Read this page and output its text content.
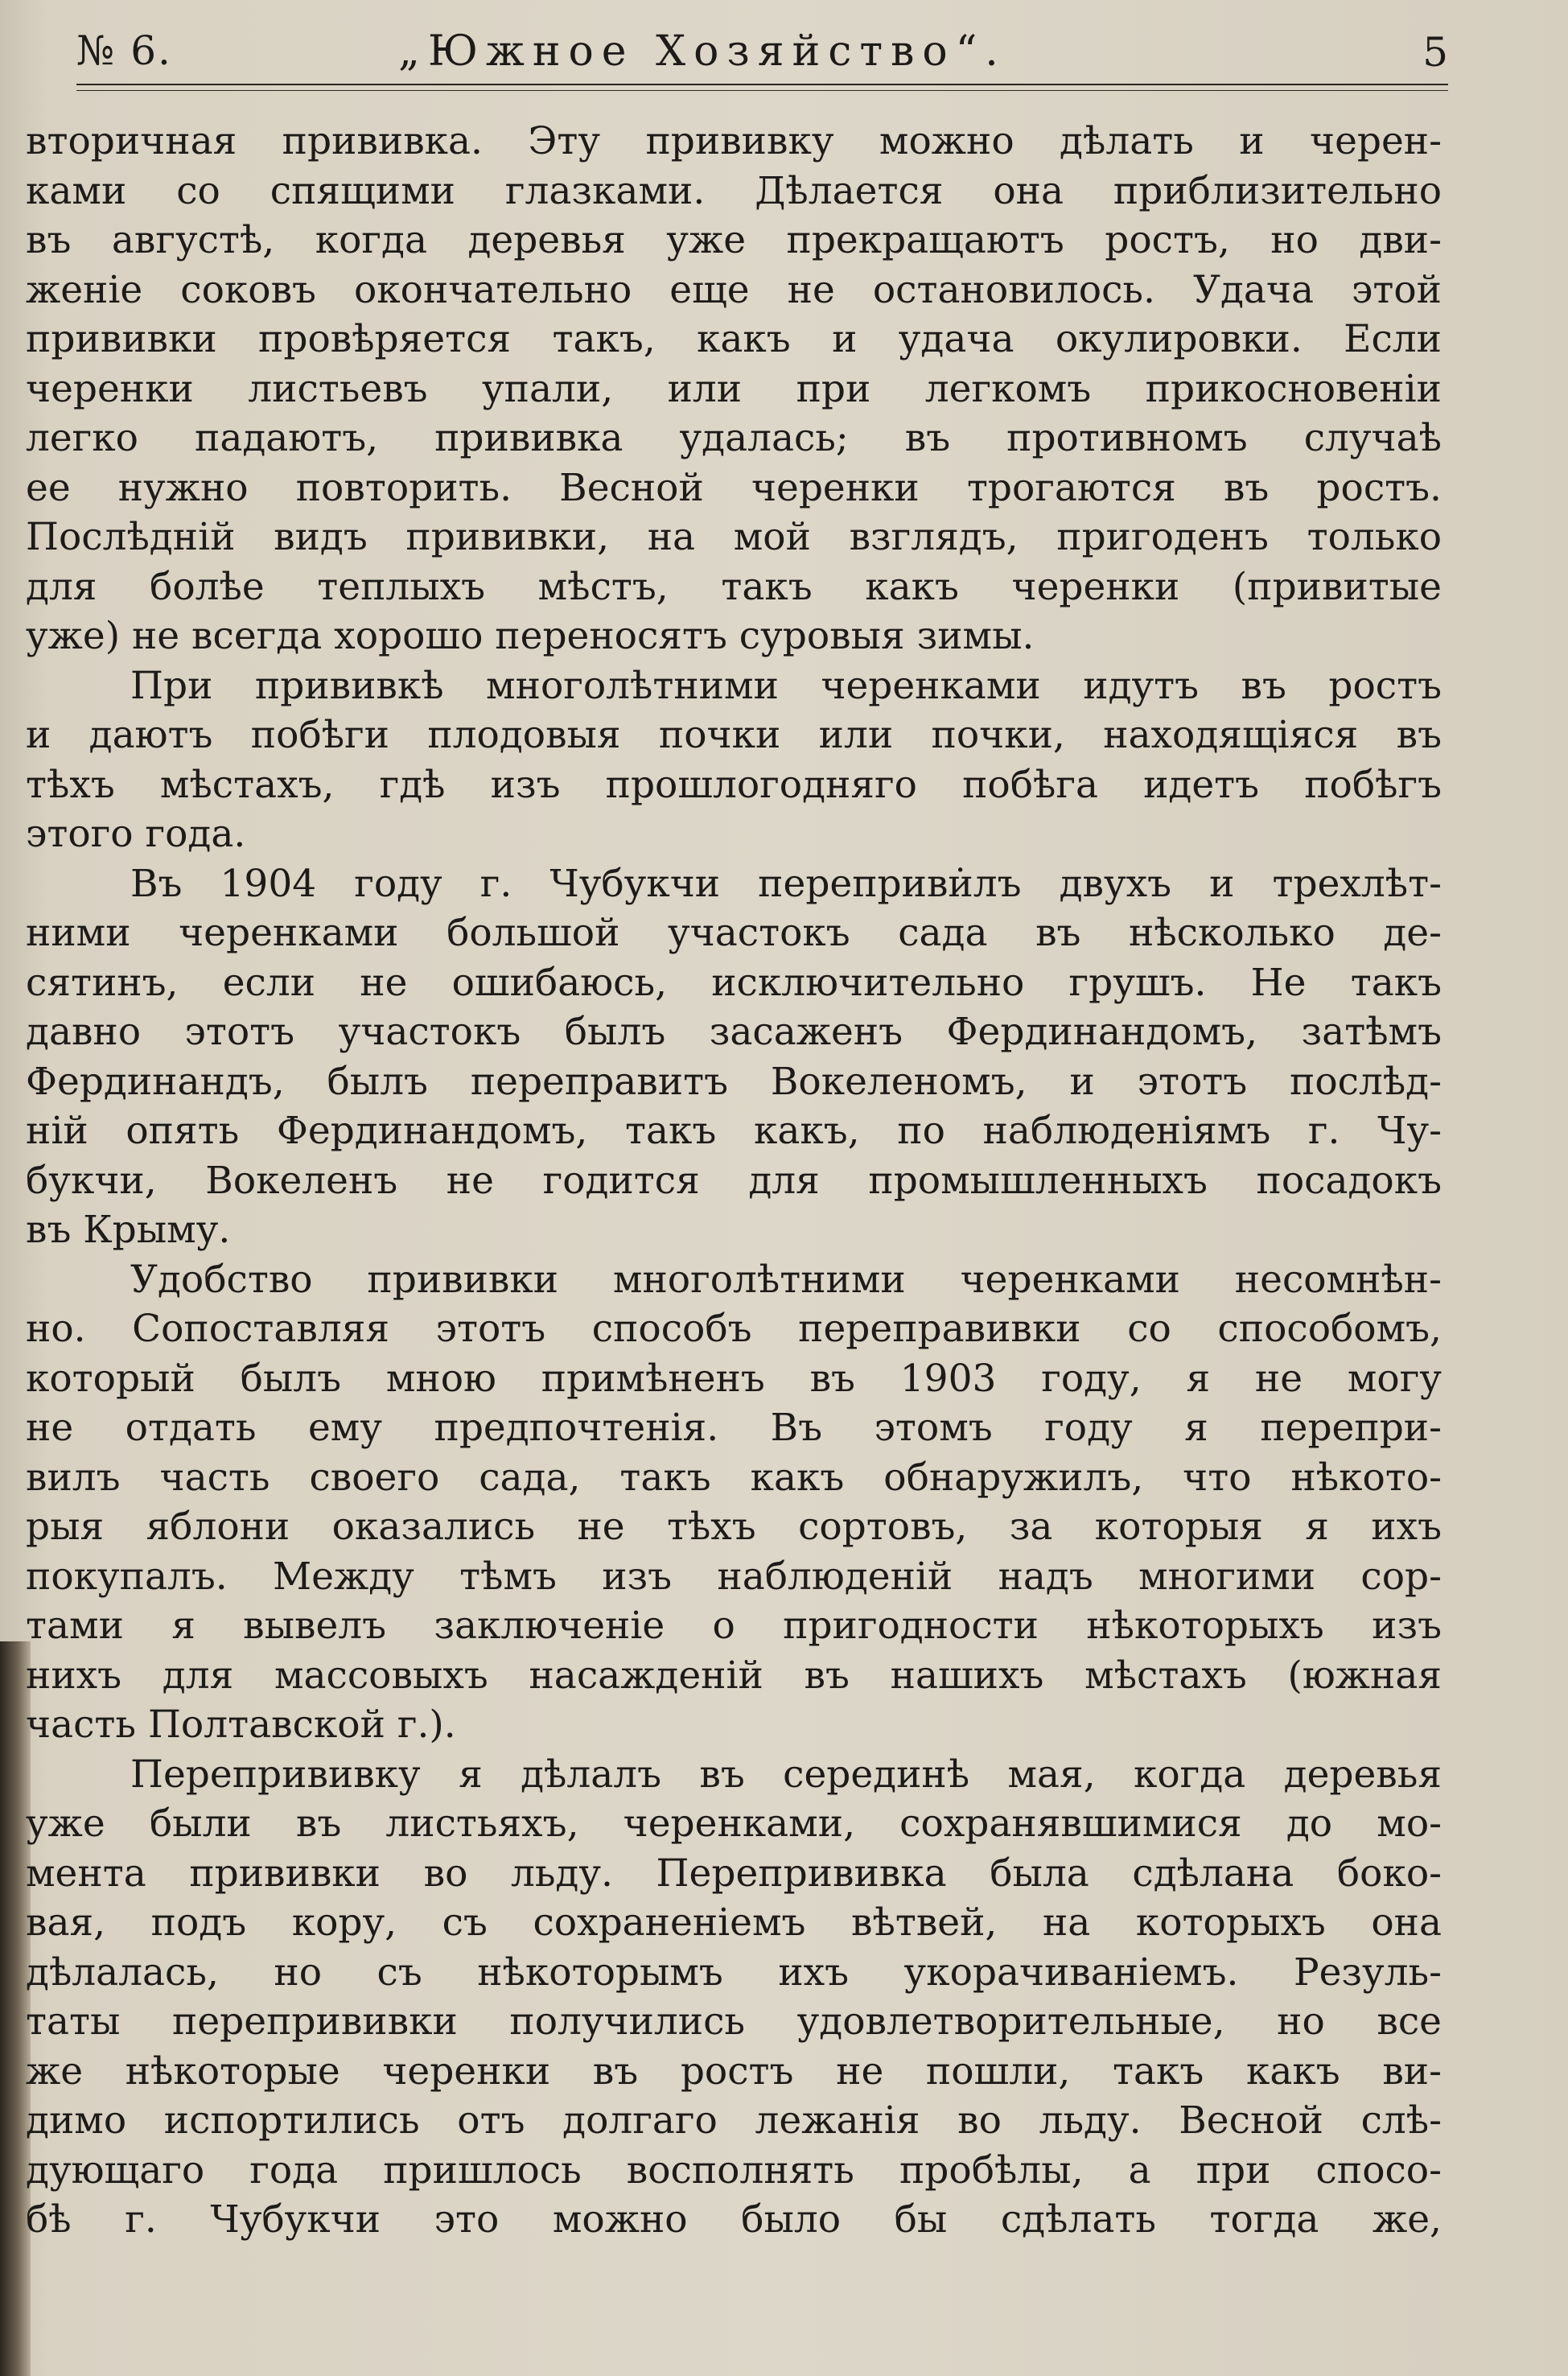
№ 6.	„Южное Хозяйство“.	5
вторичная прививка. Эту прививку можно дѣлать и черен-
ками со спящими глазками. Дѣлается она приблизительно
въ августѣ, когда деревья уже прекращаютъ ростъ, но дви-
женіе соковъ окончательно еще не остановилось. Удача этой
прививки провѣряется такъ, какъ и удача окулировки. Если
черенки листьевъ упали, или при легкомъ прикосновеніи
легко падаютъ, прививка удалась; въ противномъ случаѣ
ее нужно повторить. Весной черенки трогаются въ ростъ.
Послѣдній видъ прививки, на мой взглядъ, пригоденъ только
для болѣе теплыхъ мѣстъ, такъ какъ черенки (привитые
уже) не всегда хорошо переносятъ суровыя зимы.
При прививкѣ многолѣтними черенками идутъ въ ростъ
и даютъ побѣги плодовыя почки или почки, находящіяся въ
тѣхъ мѣстахъ, гдѣ изъ прошлогодняго побѣга идетъ побѣгъ
этого года.
Въ 1904 году г. Чубукчи переприви̇лъ двухъ и трехлѣт-
ними черенками большой участокъ сада въ нѣсколько де-
сятинъ, если не ошибаюсь, исключительно грушъ. Не такъ
давно этотъ участокъ былъ засаженъ Фердинандомъ, затѣмъ
Фердинандъ, былъ переправитъ Вокеленомъ, и этотъ послѣд-
ній опять Фердинандомъ, такъ какъ, по наблюденіямъ г. Чу-
букчи, Вокеленъ не годится для промышленныхъ посадокъ
въ Крыму.
Удобство прививки многолѣтними черенками несомнѣн-
но. Сопоставляя этотъ способъ переправивки со способомъ,
который былъ мною примѣненъ въ 1903 году, я не могу
не отдать ему предпочтенія. Въ этомъ году я перепри-
вилъ часть своего сада, такъ какъ обнаружилъ, что нѣкото-
рыя яблони оказались не тѣхъ сортовъ, за которыя я ихъ
покупалъ. Между тѣмъ изъ наблюденій надъ многими сор-
тами я вывелъ заключеніе о пригодности нѣкоторыхъ изъ
нихъ для массовыхъ насажденій въ нашихъ мѣстахъ (южная
часть Полтавской г.).
Перепрививку я дѣлалъ въ серединѣ мая, когда деревья
уже были въ листьяхъ, черенками, сохранявшимися до мо-
мента прививки во льду. Перепрививка была сдѣлана боко-
вая, подъ кору, съ сохраненіемъ вѣтвей, на которыхъ она
дѣлалась, но съ нѣкоторымъ ихъ укорачиваніемъ. Резуль-
таты перепрививки получились удовлетворительные, но все
же нѣкоторые черенки въ ростъ не пошли, такъ какъ ви-
димо испортились отъ долгаго лежанія во льду. Весной слѣ-
дующаго года пришлось восполнять пробѣлы, а при спосо-
бѣ г. Чубукчи это можно было бы сдѣлать тогда же,
